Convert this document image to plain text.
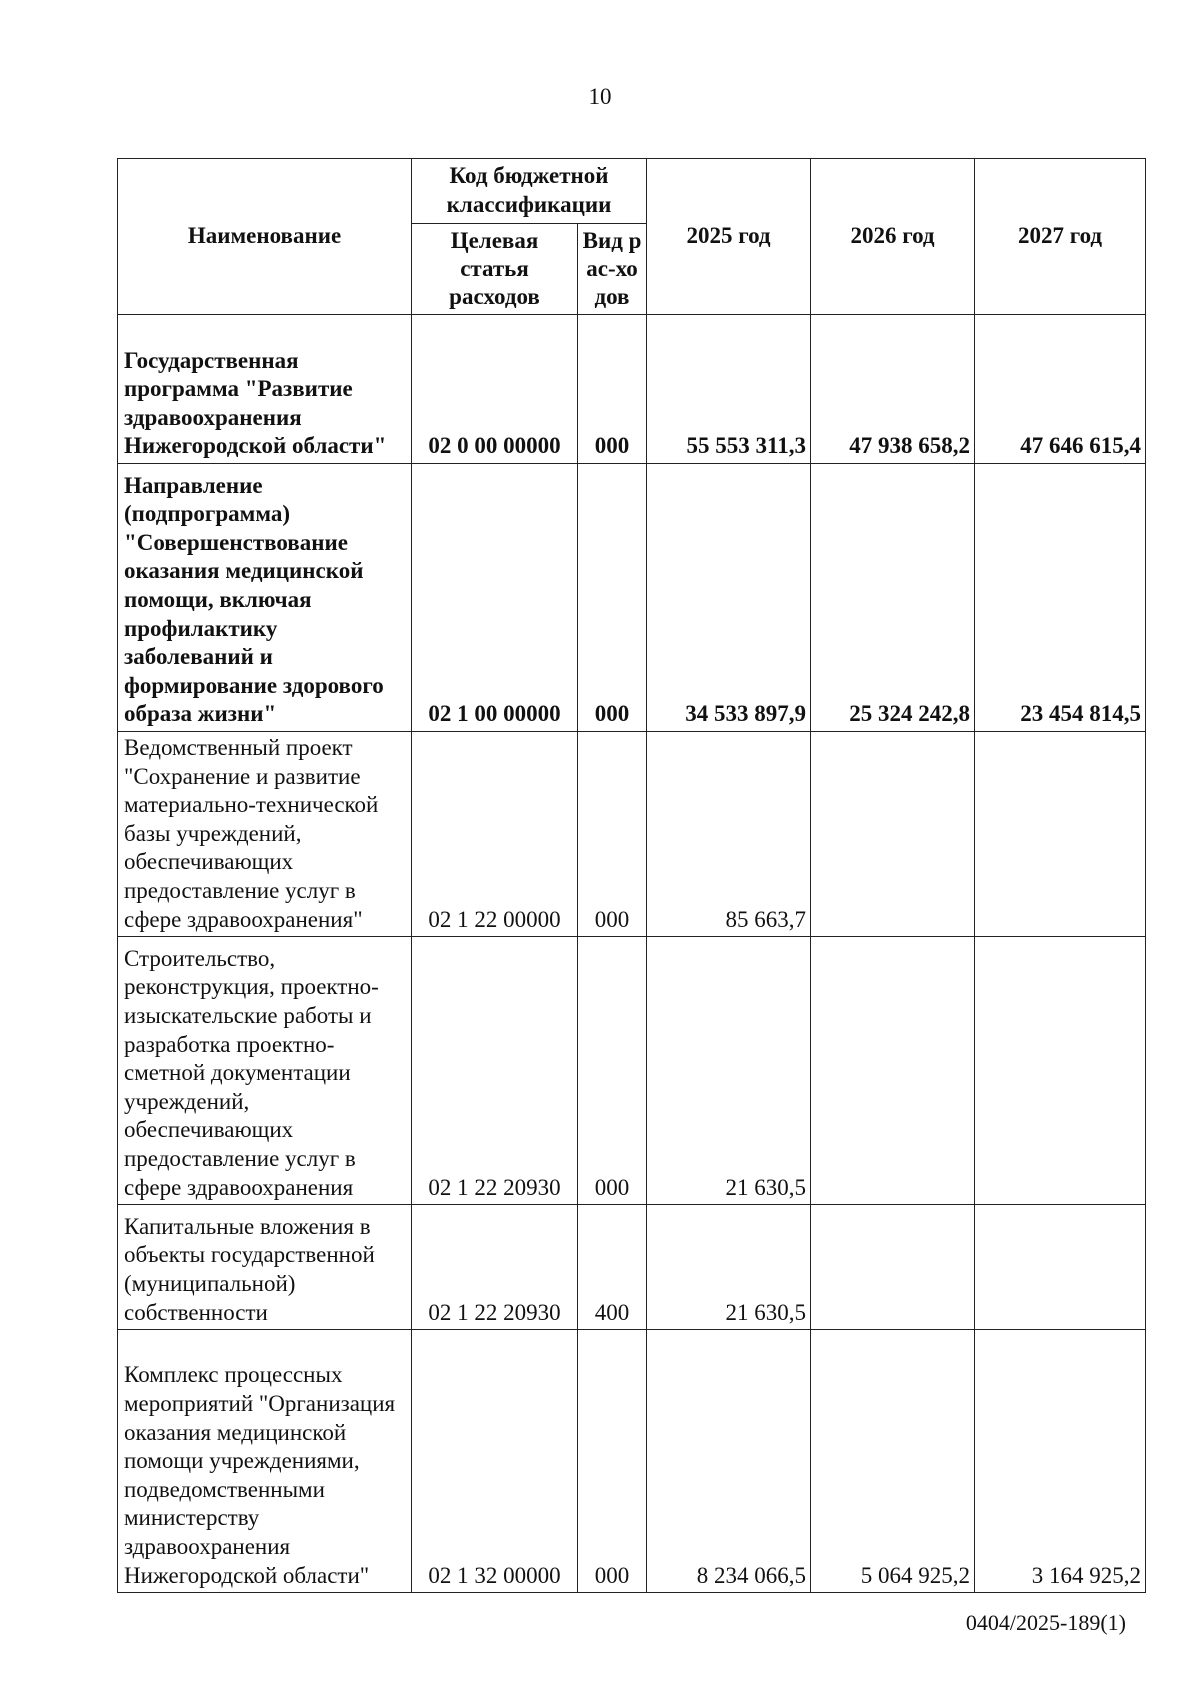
10
Наименование	Код бюджетной классификации		2025 год	2026 год	2027 год
	Целевая статья расходов	Вид рас-ходов			
Государственная программа "Развитие здравоохранения Нижегородской области"	02 0 00 00000	000	55 553 311,3	47 938 658,2	47 646 615,4
Направление (подпрограмма) "Совершенствование оказания медицинской помощи, включая профилактику заболеваний и формирование здорового образа жизни"	02 1 00 00000	000	34 533 897,9	25 324 242,8	23 454 814,5
Ведомственный проект "Сохранение и развитие материально-технической базы учреждений, обеспечивающих предоставление услуг в сфере здравоохранения"	02 1 22 00000	000	85 663,7		
Строительство, реконструкция, проектно-изыскательские работы и разработка проектно-сметной документации учреждений, обеспечивающих предоставление услуг в сфере здравоохранения	02 1 22 20930	000	21 630,5		
Капитальные вложения в объекты государственной (муниципальной) собственности	02 1 22 20930	400	21 630,5		
Комплекс процессных мероприятий "Организация оказания медицинской помощи учреждениями, подведомственными министерству здравоохранения Нижегородской области"	02 1 32 00000	000	8 234 066,5	5 064 925,2	3 164 925,2
0404/2025-189(1)
